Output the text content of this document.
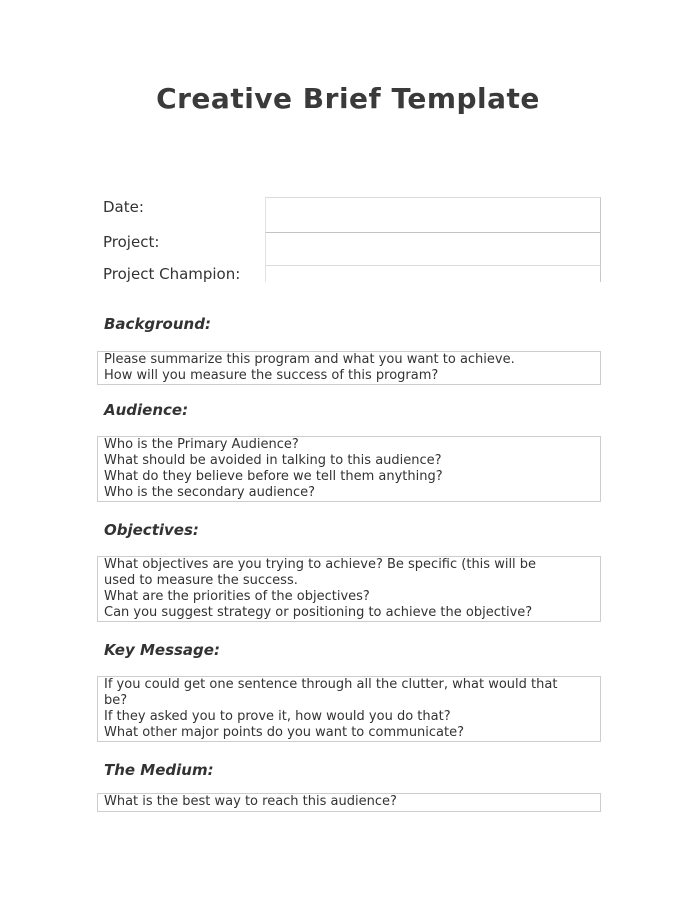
Creative Brief Template
Date:
Project:
Project Champion:
Background:
Please summarize this program and what you want to achieve.
How will you measure the success of this program?
Audience:
Who is the Primary Audience?
What should be avoided in talking to this audience?
What do they believe before we tell them anything?
Who is the secondary audience?
Objectives:
What objectives are you trying to achieve? Be specific (this will be
used to measure the success.
What are the priorities of the objectives?
Can you suggest strategy or positioning to achieve the objective?
Key Message:
If you could get one sentence through all the clutter, what would that
be?
If they asked you to prove it, how would you do that?
What other major points do you want to communicate?
The Medium:
What is the best way to reach this audience?
